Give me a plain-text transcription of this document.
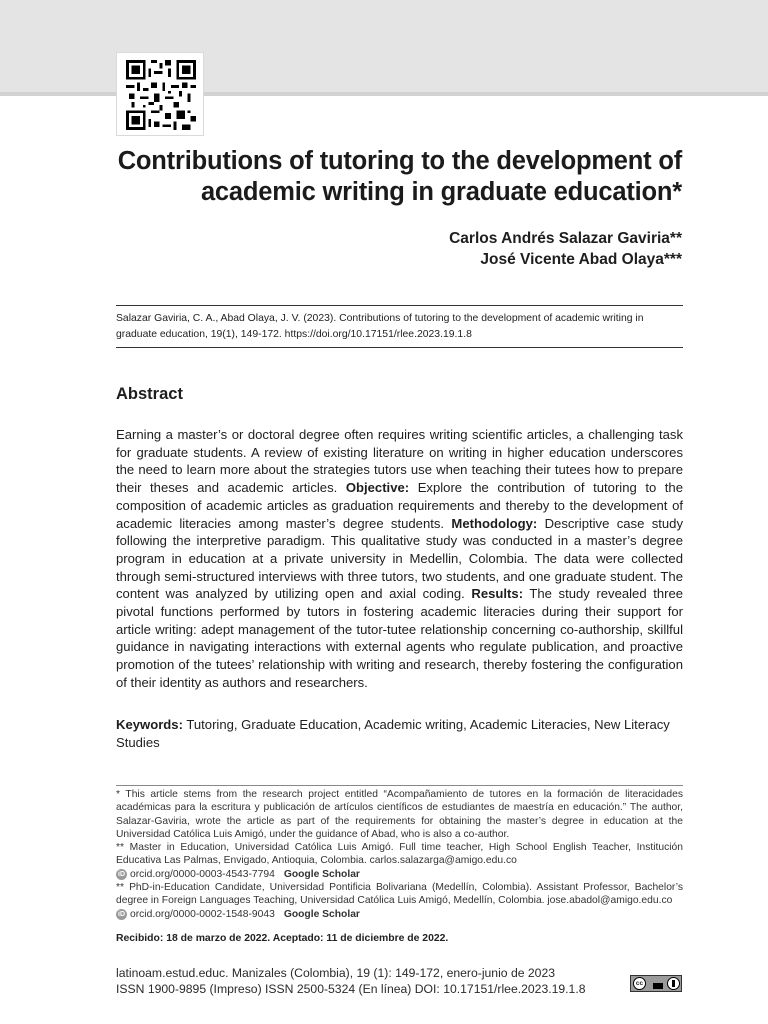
Contributions of tutoring to the development of academic writing in graduate education*
Carlos Andrés Salazar Gaviria**
José Vicente Abad Olaya***

Salazar Gaviria, C. A., Abad Olaya, J. V. (2023). Contributions of tutoring to the development of academic writing in graduate education, 19(1), 149-172. https://doi.org/10.17151/rlee.2023.19.1.8

Abstract

Earning a master’s or doctoral degree often requires writing scientific articles, a challenging task for graduate students. A review of existing literature on writing in higher education underscores the need to learn more about the strategies tutors use when teaching their tutees how to prepare their theses and academic articles. Objective: Explore the contribution of tutoring to the composition of academic articles as graduation requirements and thereby to the development of academic literacies among master’s degree students. Methodology: Descriptive case study following the interpretive paradigm. This qualitative study was conducted in a master’s degree program in education at a private university in Medellin, Colombia. The data were collected through semi-structured interviews with three tutors, two students, and one graduate student. The content was analyzed by utilizing open and axial coding. Results: The study revealed three pivotal functions performed by tutors in fostering academic literacies during their support for article writing: adept management of the tutor-tutee relationship concerning co-authorship, skillful guidance in navigating interactions with external agents who regulate publication, and proactive promotion of the tutees’ relationship with writing and research, thereby fostering the configuration of their identity as authors and researchers.

Keywords: Tutoring, Graduate Education, Academic writing, Academic Literacies, New Literacy Studies

* This article stems from the research project entitled “Acompañamiento de tutores en la formación de literacidades académicas para la escritura y publicación de artículos científicos de estudiantes de maestría en educación.” The author, Salazar-Gaviria, wrote the article as part of the requirements for obtaining the master’s degree in education at the Universidad Católica Luis Amigó, under the guidance of Abad, who is also a co-author.

** Master in Education, Universidad Católica Luis Amigó. Full time teacher, High School English Teacher, Institución Educativa Las Palmas, Envigado, Antioquia, Colombia. carlos.salazarga@amigo.edu.co

iD orcid.org/0000-0003-4543-7794 Google Scholar

** PhD-in-Education Candidate, Universidad Pontificia Bolivariana (Medellín, Colombia). Assistant Professor, Bachelor’s degree in Foreign Languages Teaching, Universidad Católica Luis Amigó, Medellín, Colombia. jose.abadol@amigo.edu.co

iD orcid.org/0000-0002-1548-9043 Google Scholar
Recibido: 18 de marzo de 2022. Aceptado: 11 de diciembre de 2022.
latinoam.estud.educ. Manizales (Colombia), 19 (1): 149-172, enero-junio de 2023
ISSN 1900-9895 (Impreso) ISSN 2500-5324 (En línea) DOI: 10.17151/rlee.2023.19.1.8	cc
